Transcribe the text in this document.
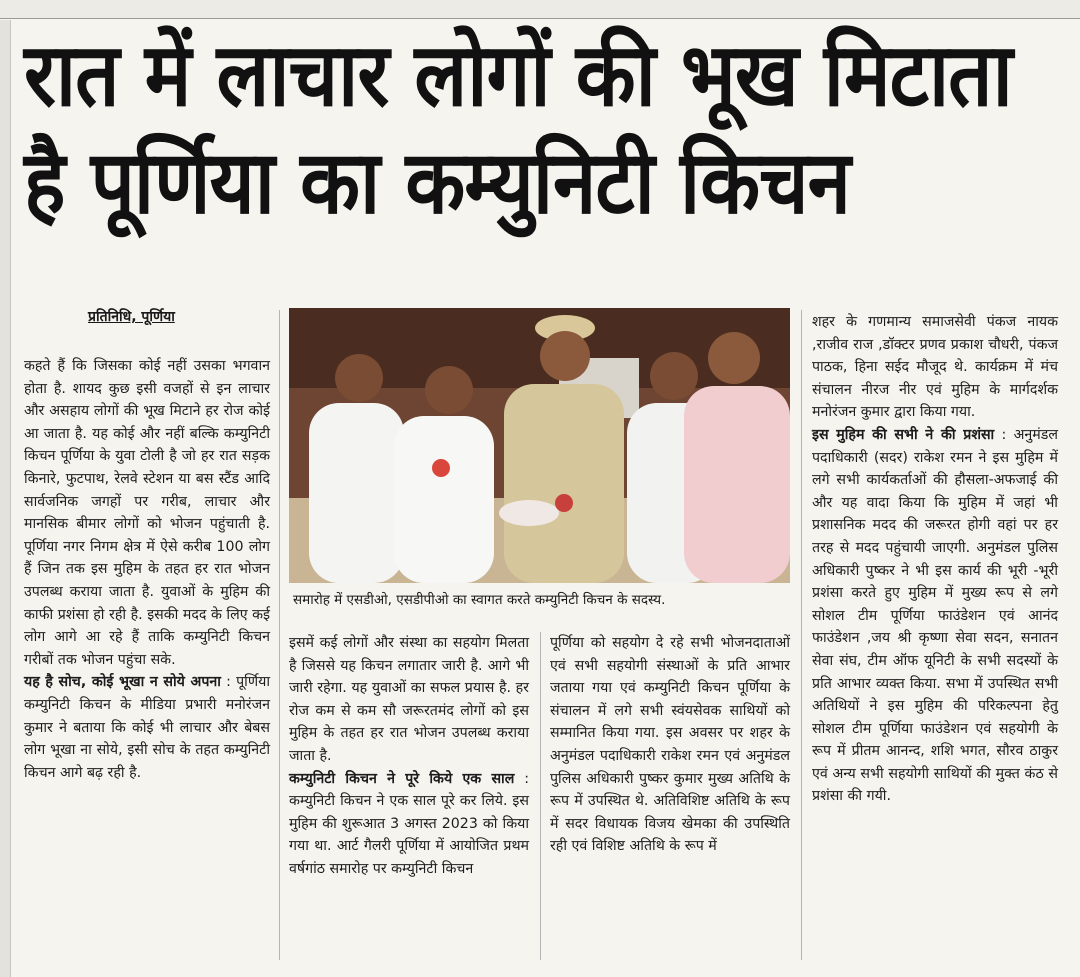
रात में लाचार लोगों की भूख मिटाता है पूर्णिया का कम्युनिटी किचन
प्रतिनिधि, पूर्णिया
समारोह में एसडीओ, एसडीपीओ का स्वागत करते कम्युनिटी किचन के सदस्य.

कहते हैं कि जिसका कोई नहीं उसका भगवान होता है. शायद कुछ इसी वजहों से इन लाचार और असहाय लोगों की भूख मिटाने हर रोज कोई आ जाता है. यह कोई और नहीं बल्कि कम्युनिटी किचन पूर्णिया के युवा टोली है जो हर रात सड़क किनारे, फुटपाथ, रेलवे स्टेशन या बस स्टैंड आदि सार्वजनिक जगहों पर गरीब, लाचार और मानसिक बीमार लोगों को भोजन पहुंचाती है. पूर्णिया नगर निगम क्षेत्र में ऐसे करीब 100 लोग हैं जिन तक इस मुहिम के तहत हर रात भोजन उपलब्ध कराया जाता है. युवाओं के मुहिम की काफी प्रशंसा हो रही है. इसकी मदद के लिए कई लोग आगे आ रहे हैं ताकि कम्युनिटी किचन गरीबों तक भोजन पहुंचा सके.

यह है सोच, कोई भूखा न सोये अपना : पूर्णिया कम्युनिटी किचन के मीडिया प्रभारी मनोरंजन कुमार ने बताया कि कोई भी लाचार और बेबस लोग भूखा ना सोये, इसी सोच के तहत कम्युनिटी किचन आगे बढ़ रही है.

इसमें कई लोगों और संस्था का सहयोग मिलता है जिससे यह किचन लगातार जारी है. आगे भी जारी रहेगा. यह युवाओं का सफल प्रयास है. हर रोज कम से कम सौ जरूरतमंद लोगों को इस मुहिम के तहत हर रात भोजन उपलब्ध कराया जाता है.

कम्युनिटी किचन ने पूरे किये एक साल : कम्युनिटी किचन ने एक साल पूरे कर लिये. इस मुहिम की शुरूआत 3 अगस्त 2023 को किया गया था. आर्ट गैलरी पूर्णिया में आयोजित प्रथम वर्षगांठ समारोह पर कम्युनिटी किचन

पूर्णिया को सहयोग दे रहे सभी भोजनदाताओं एवं सभी सहयोगी संस्थाओं के प्रति आभार जताया गया एवं कम्युनिटी किचन पूर्णिया के संचालन में लगे सभी स्वंयसेवक साथियों को सम्मानित किया गया. इस अवसर पर शहर के अनुमंडल पदाधिकारी राकेश रमन एवं अनुमंडल पुलिस अधिकारी पुष्कर कुमार मुख्य अतिथि के रूप में उपस्थित थे. अतिविशिष्ट अतिथि के रूप में सदर विधायक विजय खेमका की उपस्थिति रही एवं विशिष्ट अतिथि के रूप में

शहर के गणमान्य समाजसेवी पंकज नायक ,राजीव राज ,डॉक्टर प्रणव प्रकाश चौधरी, पंकज पाठक, हिना सईद मौजूद थे. कार्यक्रम में मंच संचालन नीरज नीर एवं मुहिम के मार्गदर्शक मनोरंजन कुमार द्वारा किया गया.

इस मुहिम की सभी ने की प्रशंसा : अनुमंडल पदाधिकारी (सदर) राकेश रमन ने इस मुहिम में लगे सभी कार्यकर्ताओं की हौसला-अफजाई की और यह वादा किया कि मुहिम में जहां भी प्रशासनिक मदद की जरूरत होगी वहां पर हर तरह से मदद पहुंचायी जाएगी. अनुमंडल पुलिस अधिकारी पुष्कर ने भी इस कार्य की भूरी -भूरी प्रशंसा करते हुए मुहिम में मुख्य रूप से लगे सोशल टीम पूर्णिया फाउंडेशन एवं आनंद फाउंडेशन ,जय श्री कृष्णा सेवा सदन, सनातन सेवा संघ, टीम ऑफ यूनिटी के सभी सदस्यों के प्रति आभार व्यक्त किया. सभा में उपस्थित सभी अतिथियों ने इस मुहिम की परिकल्पना हेतु सोशल टीम पूर्णिया फाउंडेशन एवं सहयोगी के रूप में प्रीतम आनन्द, शशि भगत, सौरव ठाकुर एवं अन्य सभी सहयोगी साथियों की मुक्त कंठ से प्रशंसा की गयी.
